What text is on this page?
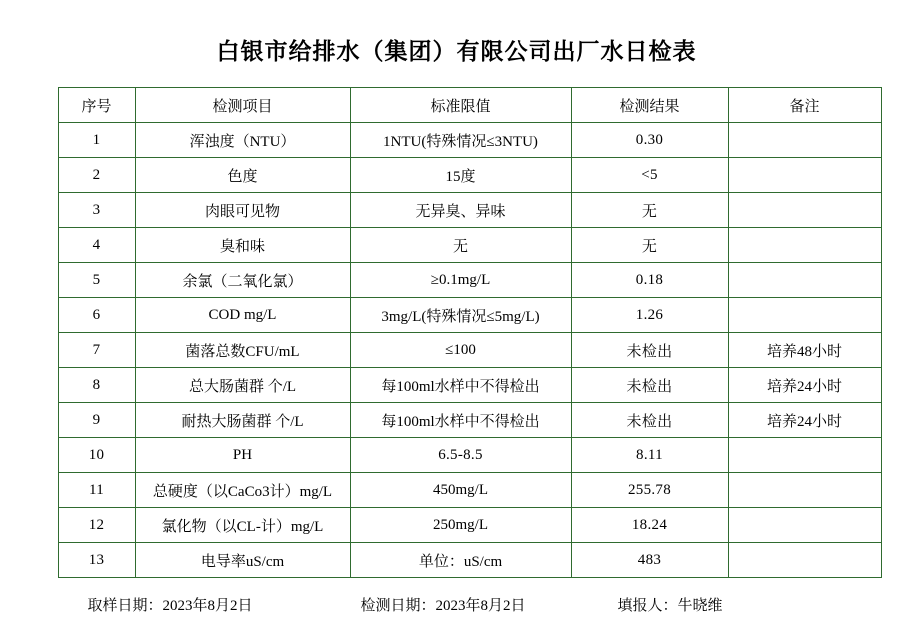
白银市给排水（集团）有限公司出厂水日检表
序号	检测项目	标准限值	检测结果	备注
1	浑浊度（NTU）	1NTU(特殊情况≤3NTU)	0.30	
2	色度	15度	<5	
3	肉眼可见物	无异臭、异味	无	
4	臭和味	无	无	
5	余氯（二氧化氯）	≥0.1mg/L	0.18	
6	COD mg/L	3mg/L(特殊情况≤5mg/L)	1.26	
7	菌落总数CFU/mL	≤100	未检出	培养48小时
8	总大肠菌群 个/L	每100ml水样中不得检出	未检出	培养24小时
9	耐热大肠菌群 个/L	每100ml水样中不得检出	未检出	培养24小时
10	PH	6.5-8.5	8.11	
11	总硬度（以CaCo3计）mg/L	450mg/L	255.78	
12	氯化物（以CL-计）mg/L	250mg/L	18.24	
13	电导率uS/cm	单位：uS/cm	483	
取样日期：2023年8月2日	检测日期：2023年8月2日	填报人：牛晓维
